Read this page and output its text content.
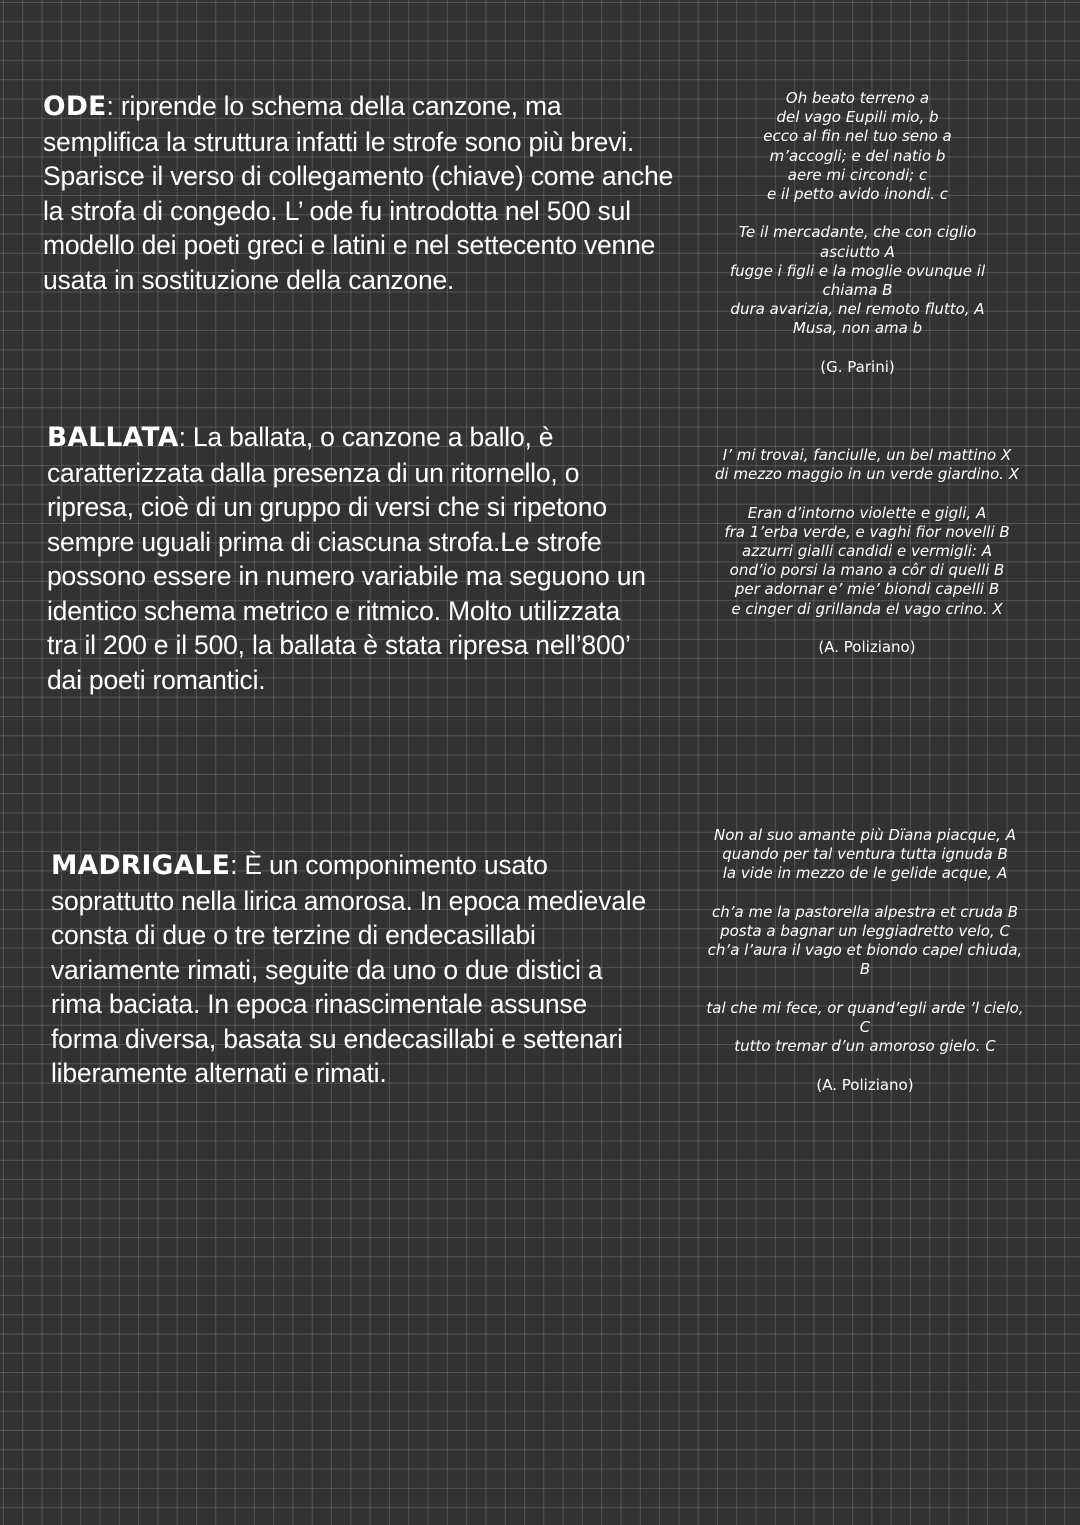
ODE: riprende lo schema della canzone, ma semplifica la struttura infatti le strofe sono più brevi. Sparisce il verso di collegamento (chiave) come anche la strofa di congedo. L’ ode fu introdotta nel 500 sul modello dei poeti greci e latini e nel settecento venne usata in sostituzione della canzone.
Oh beato terreno a
del vago Eupili mio, b
ecco al fin nel tuo seno a
m’accogli; e del natio b
aere mi circondi; c
e il petto avido inondi. c
Te il mercadante, che con ciglio
asciutto A
fugge i figli e la moglie ovunque il
chiama B
dura avarizia, nel remoto flutto, A
Musa, non ama b
(G. Parini)
BALLATA: La ballata, o canzone a ballo, è caratterizzata dalla presenza di un ritornello, o ripresa, cioè di un gruppo di versi che si ripetono sempre uguali prima di ciascuna strofa.Le strofe possono essere in numero variabile ma seguono un identico schema metrico e ritmico. Molto utilizzata tra il 200 e il 500, la ballata è stata ripresa nell’800’ dai poeti romantici.
I’ mi trovai, fanciulle, un bel mattino X
di mezzo maggio in un verde giardino. X
Eran d’intorno violette e gigli, A
fra 1’erba verde, e vaghi fior novelli B
azzurri gialli candidi e vermigli: A
ond’io porsi la mano a côr di quelli B
per adornar e’ mie’ biondi capelli B
e cinger di grillanda el vago crino. X
(A. Poliziano)
MADRIGALE: È un componimento usato soprattutto nella lirica amorosa. In epoca medievale consta di due o tre terzine di endecasillabi variamente rimati, seguite da uno o due distici a rima baciata. In epoca rinascimentale assunse forma diversa, basata su endecasillabi e settenari liberamente alternati e rimati.
Non al suo amante più Dïana piacque, A
quando per tal ventura tutta ignuda B
la vide in mezzo de le gelide acque, A
ch’a me la pastorella alpestra et cruda B
posta a bagnar un leggiadretto velo, C
ch’a l’aura il vago et biondo capel chiuda,
B
tal che mi fece, or quand’egli arde ’l cielo,
C
tutto tremar d’un amoroso gielo. C
(A. Poliziano)
